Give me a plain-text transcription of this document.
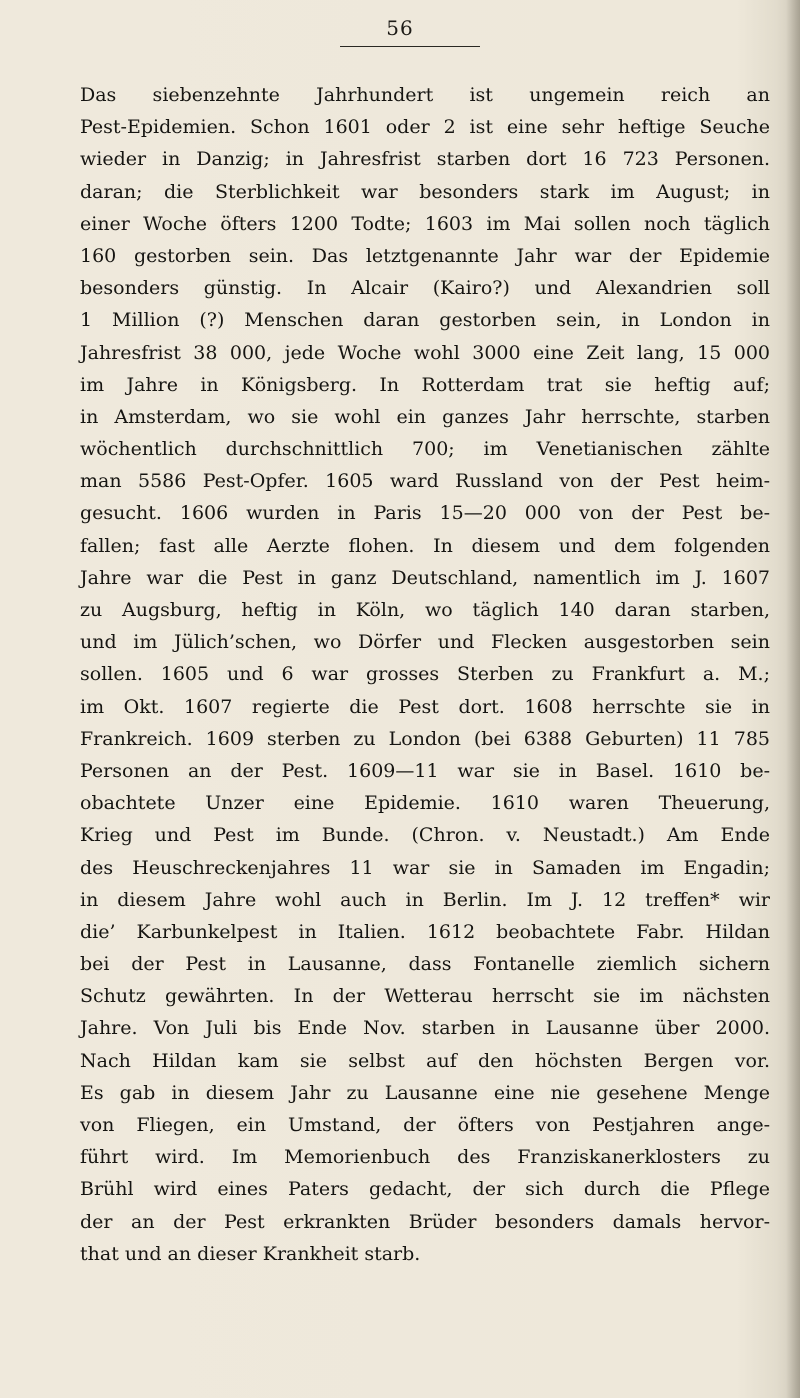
56
Das siebenzehnte Jahrhundert ist ungemein reich an
Pest-Epidemien. Schon 1601 oder 2 ist eine sehr heftige Seuche
wieder in Danzig; in Jahresfrist starben dort 16 723 Personen.
daran; die Sterblichkeit war besonders stark im August; in
einer Woche öfters 1200 Todte; 1603 im Mai sollen noch täglich
160 gestorben sein. Das letztgenannte Jahr war der Epidemie
besonders günstig. In Alcair (Kairo?) und Alexandrien soll
1 Million (?) Menschen daran gestorben sein, in London in
Jahresfrist 38 000, jede Woche wohl 3000 eine Zeit lang, 15 000
im Jahre in Königsberg. In Rotterdam trat sie heftig auf;
in Amsterdam, wo sie wohl ein ganzes Jahr herrschte, starben
wöchentlich durchschnittlich 700; im Venetianischen zählte
man 5586 Pest-Opfer. 1605 ward Russland von der Pest heim-
gesucht. 1606 wurden in Paris 15—20 000 von der Pest be-
fallen; fast alle Aerzte flohen. In diesem und dem folgenden
Jahre war die Pest in ganz Deutschland, namentlich im J. 1607
zu Augsburg, heftig in Köln, wo täglich 140 daran starben,
und im Jülich’schen, wo Dörfer und Flecken ausgestorben sein
sollen. 1605 und 6 war grosses Sterben zu Frankfurt a. M.;
im Okt. 1607 regierte die Pest dort. 1608 herrschte sie in
Frankreich. 1609 sterben zu London (bei 6388 Geburten) 11 785
Personen an der Pest. 1609—11 war sie in Basel. 1610 be-
obachtete Unzer eine Epidemie. 1610 waren Theuerung,
Krieg und Pest im Bunde. (Chron. v. Neustadt.) Am Ende
des Heuschreckenjahres 11 war sie in Samaden im Engadin;
in diesem Jahre wohl auch in Berlin. Im J. 12 treffen* wir
die’ Karbunkelpest in Italien. 1612 beobachtete Fabr. Hildan
bei der Pest in Lausanne, dass Fontanelle ziemlich sichern
Schutz gewährten. In der Wetterau herrscht sie im nächsten
Jahre. Von Juli bis Ende Nov. starben in Lausanne über 2000.
Nach Hildan kam sie selbst auf den höchsten Bergen vor.
Es gab in diesem Jahr zu Lausanne eine nie gesehene Menge
von Fliegen, ein Umstand, der öfters von Pestjahren ange-
führt wird. Im Memorienbuch des Franziskanerklosters zu
Brühl wird eines Paters gedacht, der sich durch die Pflege
der an der Pest erkrankten Brüder besonders damals hervor-
that und an dieser Krankheit starb.
